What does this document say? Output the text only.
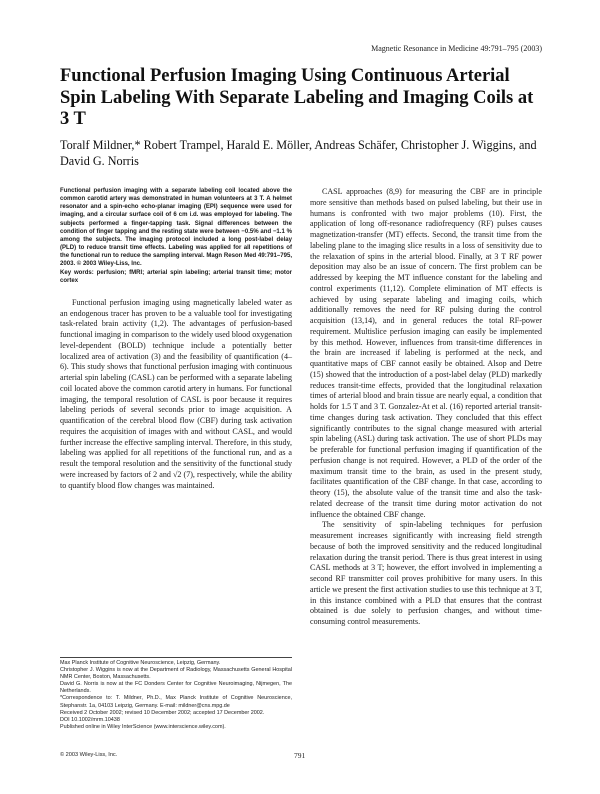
Magnetic Resonance in Medicine 49:791–795 (2003)
Functional Perfusion Imaging Using Continuous Arterial Spin Labeling With Separate Labeling and Imaging Coils at 3 T
Toralf Mildner,* Robert Trampel, Harald E. Möller, Andreas Schäfer, Christopher J. Wiggins, and David G. Norris

Functional perfusion imaging with a separate labeling coil located above the common carotid artery was demonstrated in human volunteers at 3 T. A helmet resonator and a spin-echo echo-planar imaging (EPI) sequence were used for imaging, and a circular surface coil of 6 cm i.d. was employed for labeling. The subjects performed a finger-tapping task. Signal differences between the condition of finger tapping and the resting state were between −0.5% and −1.1 % among the subjects. The imaging protocol included a long post-label delay (PLD) to reduce transit time effects. Labeling was applied for all repetitions of the functional run to reduce the sampling interval. Magn Reson Med 49:791–795, 2003. © 2003 Wiley-Liss, Inc.

Key words: perfusion; fMRI; arterial spin labeling; arterial transit time; motor cortex

Functional perfusion imaging using magnetically labeled water as an endogenous tracer has proven to be a valuable tool for investigating task-related brain activity (1,2). The advantages of perfusion-based functional imaging in comparison to the widely used blood oxygenation level-dependent (BOLD) technique include a potentially better localized area of activation (3) and the feasibility of quantification (4–6). This study shows that functional perfusion imaging with continuous arterial spin labeling (CASL) can be performed with a separate labeling coil located above the common carotid artery in humans. For functional imaging, the temporal resolution of CASL is poor because it requires labeling periods of several seconds prior to image acquisition. A quantification of the cerebral blood flow (CBF) during task activation requires the acquisition of images with and without CASL, and would further increase the effective sampling interval. Therefore, in this study, labeling was applied for all repetitions of the functional run, and as a result the temporal resolution and the sensitivity of the functional study were increased by factors of 2 and √2 (7), respectively, while the ability to quantify blood flow changes was maintained.

CASL approaches (8,9) for measuring the CBF are in principle more sensitive than methods based on pulsed labeling, but their use in humans is confronted with two major problems (10). First, the application of long off-resonance radiofrequency (RF) pulses causes magnetization-transfer (MT) effects. Second, the transit time from the labeling plane to the imaging slice results in a loss of sensitivity due to the relaxation of spins in the arterial blood. Finally, at 3 T RF power deposition may also be an issue of concern. The first problem can be addressed by keeping the MT influence constant for the labeling and control experiments (11,12). Complete elimination of MT effects is achieved by using separate labeling and imaging coils, which additionally removes the need for RF pulsing during the control acquisition (13,14), and in general reduces the total RF-power requirement. Multislice perfusion imaging can easily be implemented by this method. However, influences from transit-time differences in the brain are increased if labeling is performed at the neck, and quantitative maps of CBF cannot easily be obtained. Alsop and Detre (15) showed that the introduction of a post-label delay (PLD) markedly reduces transit-time effects, provided that the longitudinal relaxation times of arterial blood and brain tissue are nearly equal, a condition that holds for 1.5 T and 3 T. Gonzalez-At et al. (16) reported arterial transit-time changes during task activation. They concluded that this effect significantly contributes to the signal change measured with arterial spin labeling (ASL) during task activation. The use of short PLDs may be preferable for functional perfusion imaging if quantification of the perfusion change is not required. However, a PLD of the order of the maximum transit time to the brain, as used in the present study, facilitates quantification of the CBF change. In that case, according to theory (15), the absolute value of the transit time and also the task-related decrease of the transit time during motor activation do not influence the obtained CBF change.

The sensitivity of spin-labeling techniques for perfusion measurement increases significantly with increasing field strength because of both the improved sensitivity and the reduced longitudinal relaxation during the transit period. There is thus great interest in using CASL methods at 3 T; however, the effort involved in implementing a second RF transmitter coil proves prohibitive for many users. In this article we present the first activation studies to use this technique at 3 T, in this instance combined with a PLD that ensures that the contrast obtained is due solely to perfusion changes, and without time-consuming control measurements.

Max Planck Institute of Cognitive Neuroscience, Leipzig, Germany.

Christopher J. Wiggins is now at the Department of Radiology, Massachusetts General Hospital NMR Center, Boston, Massachusetts.

David G. Norris is now at the FC Donders Center for Cognitive Neuroimaging, Nijmegen, The Netherlands.

*Correspondence to: T. Mildner, Ph.D., Max Planck Institute of Cognitive Neuroscience, Stephanstr. 1a, 04103 Leipzig, Germany. E-mail: mildner@cns.mpg.de

Received 2 October 2002; revised 10 December 2002; accepted 17 December 2002.

DOI 10.1002/mrm.10438

Published online in Wiley InterScience (www.interscience.wiley.com).

© 2003 Wiley-Liss, Inc.	791
